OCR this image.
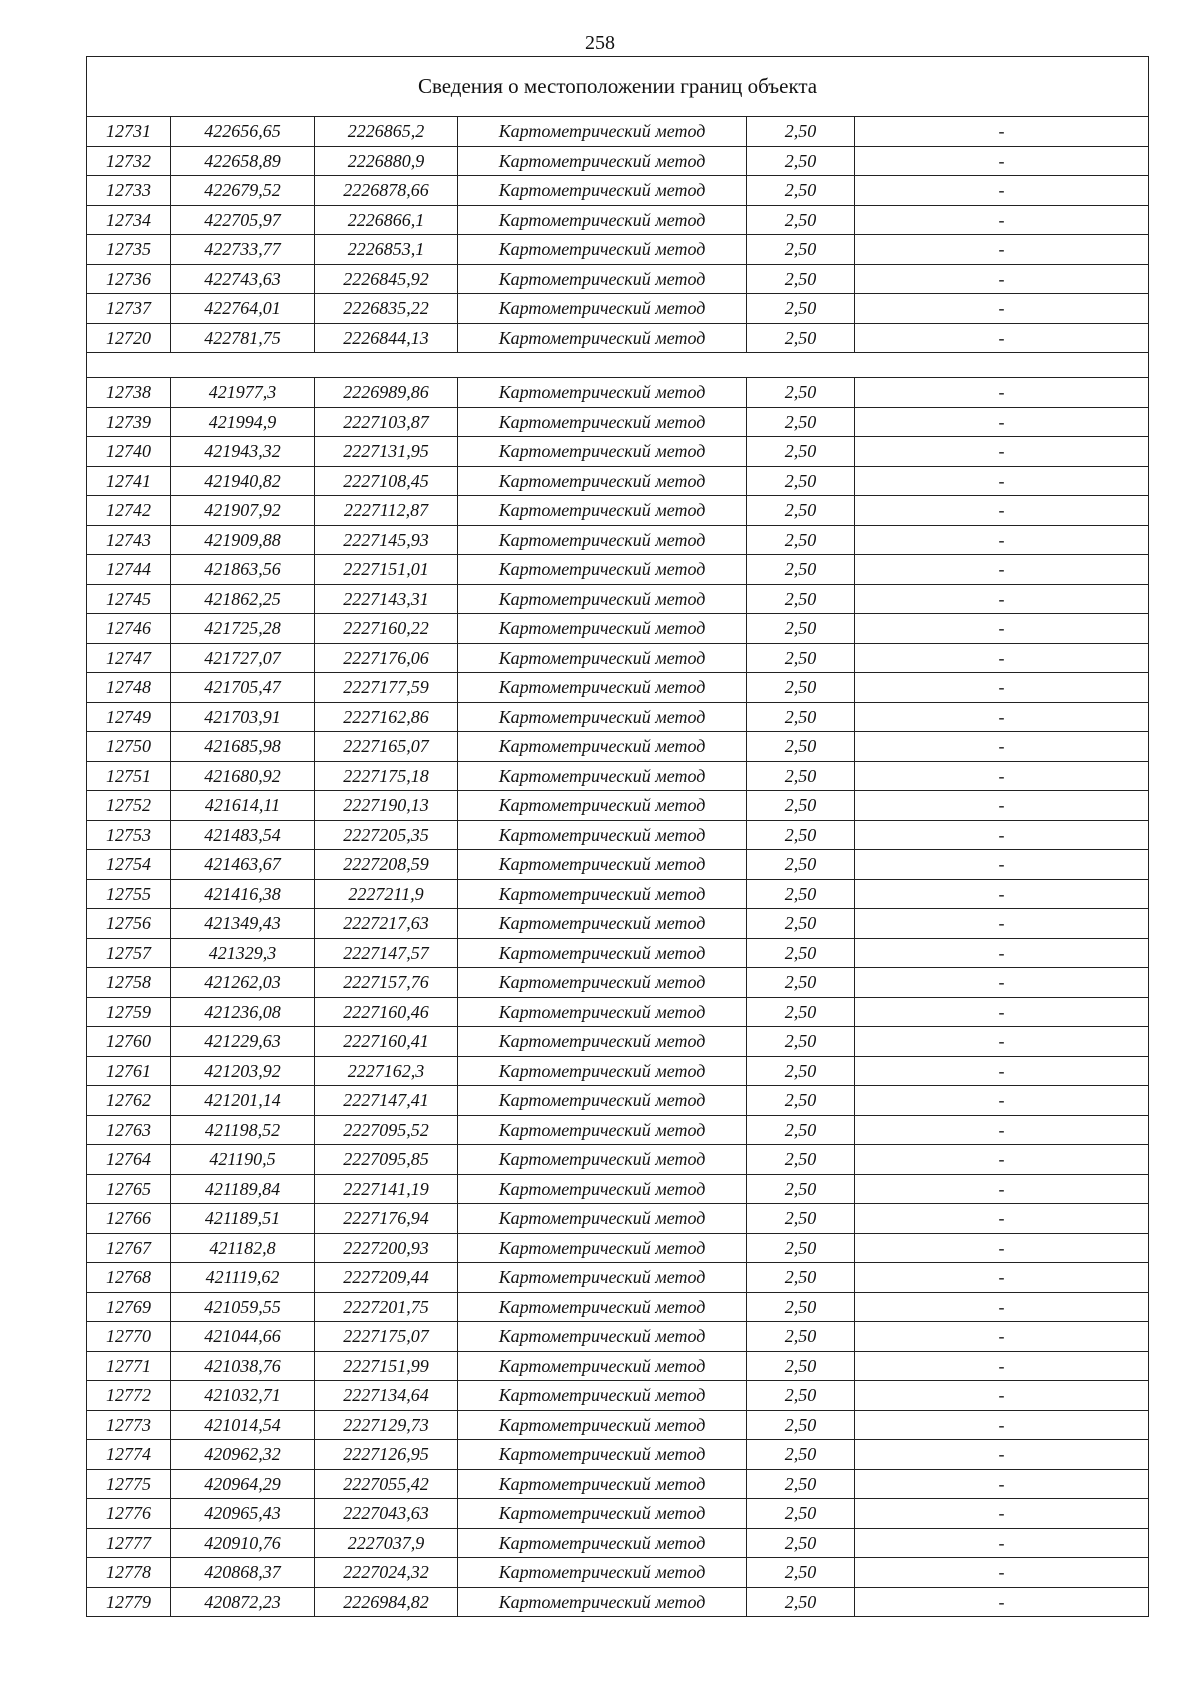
258
Сведения о местоположении границ объекта					
12731	422656,65	2226865,2	Картометрический метод	2,50	-
12732	422658,89	2226880,9	Картометрический метод	2,50	-
12733	422679,52	2226878,66	Картометрический метод	2,50	-
12734	422705,97	2226866,1	Картометрический метод	2,50	-
12735	422733,77	2226853,1	Картометрический метод	2,50	-
12736	422743,63	2226845,92	Картометрический метод	2,50	-
12737	422764,01	2226835,22	Картометрический метод	2,50	-
12720	422781,75	2226844,13	Картометрический метод	2,50	-

12738	421977,3	2226989,86	Картометрический метод	2,50	-
12739	421994,9	2227103,87	Картометрический метод	2,50	-
12740	421943,32	2227131,95	Картометрический метод	2,50	-
12741	421940,82	2227108,45	Картометрический метод	2,50	-
12742	421907,92	2227112,87	Картометрический метод	2,50	-
12743	421909,88	2227145,93	Картометрический метод	2,50	-
12744	421863,56	2227151,01	Картометрический метод	2,50	-
12745	421862,25	2227143,31	Картометрический метод	2,50	-
12746	421725,28	2227160,22	Картометрический метод	2,50	-
12747	421727,07	2227176,06	Картометрический метод	2,50	-
12748	421705,47	2227177,59	Картометрический метод	2,50	-
12749	421703,91	2227162,86	Картометрический метод	2,50	-
12750	421685,98	2227165,07	Картометрический метод	2,50	-
12751	421680,92	2227175,18	Картометрический метод	2,50	-
12752	421614,11	2227190,13	Картометрический метод	2,50	-
12753	421483,54	2227205,35	Картометрический метод	2,50	-
12754	421463,67	2227208,59	Картометрический метод	2,50	-
12755	421416,38	2227211,9	Картометрический метод	2,50	-
12756	421349,43	2227217,63	Картометрический метод	2,50	-
12757	421329,3	2227147,57	Картометрический метод	2,50	-
12758	421262,03	2227157,76	Картометрический метод	2,50	-
12759	421236,08	2227160,46	Картометрический метод	2,50	-
12760	421229,63	2227160,41	Картометрический метод	2,50	-
12761	421203,92	2227162,3	Картометрический метод	2,50	-
12762	421201,14	2227147,41	Картометрический метод	2,50	-
12763	421198,52	2227095,52	Картометрический метод	2,50	-
12764	421190,5	2227095,85	Картометрический метод	2,50	-
12765	421189,84	2227141,19	Картометрический метод	2,50	-
12766	421189,51	2227176,94	Картометрический метод	2,50	-
12767	421182,8	2227200,93	Картометрический метод	2,50	-
12768	421119,62	2227209,44	Картометрический метод	2,50	-
12769	421059,55	2227201,75	Картометрический метод	2,50	-
12770	421044,66	2227175,07	Картометрический метод	2,50	-
12771	421038,76	2227151,99	Картометрический метод	2,50	-
12772	421032,71	2227134,64	Картометрический метод	2,50	-
12773	421014,54	2227129,73	Картометрический метод	2,50	-
12774	420962,32	2227126,95	Картометрический метод	2,50	-
12775	420964,29	2227055,42	Картометрический метод	2,50	-
12776	420965,43	2227043,63	Картометрический метод	2,50	-
12777	420910,76	2227037,9	Картометрический метод	2,50	-
12778	420868,37	2227024,32	Картометрический метод	2,50	-
12779	420872,23	2226984,82	Картометрический метод	2,50	-
